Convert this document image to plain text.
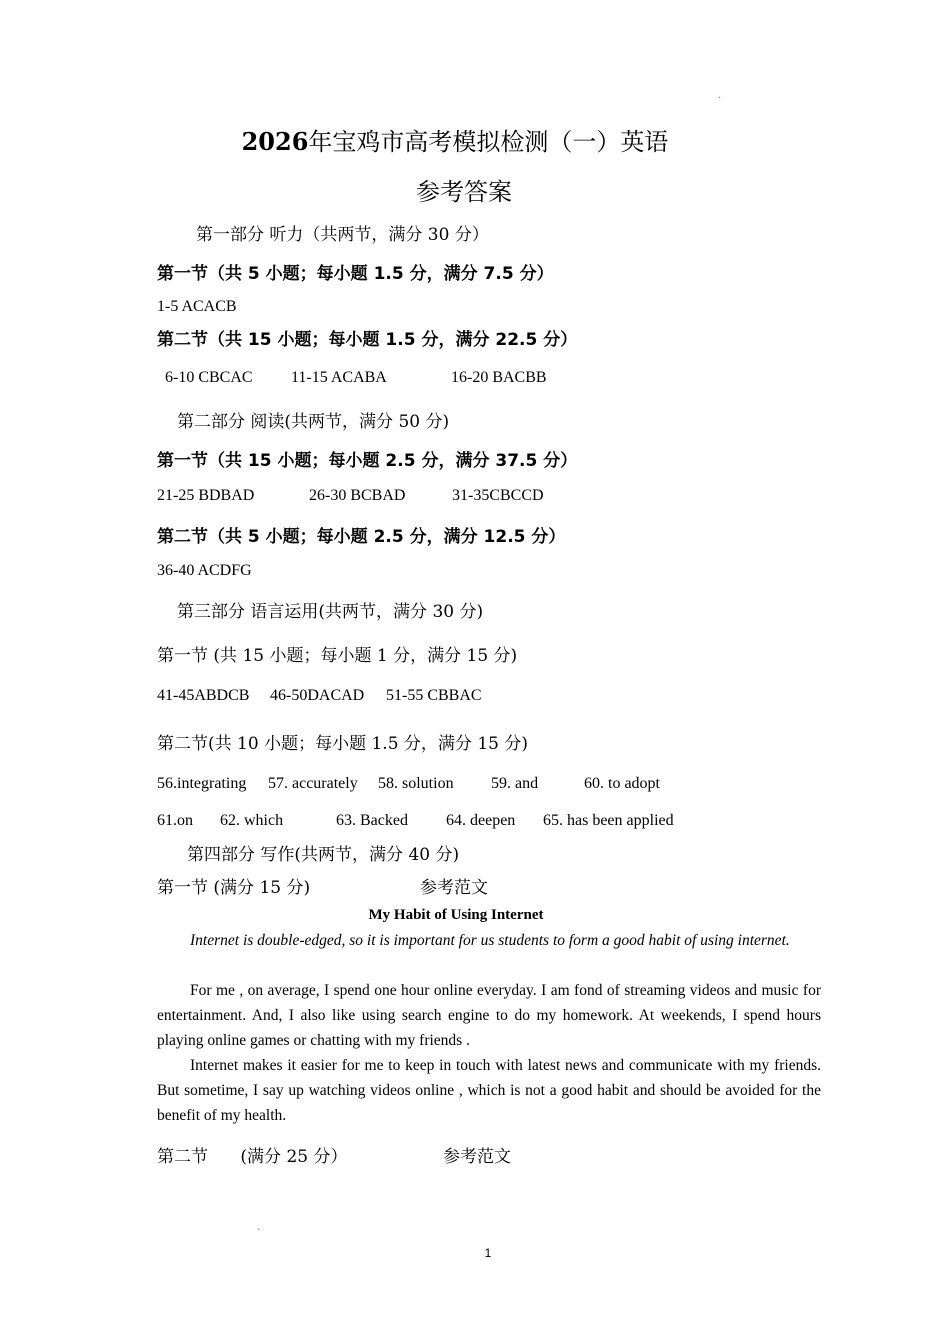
.
2026年宝鸡市高考模拟检测（一）英语
参考答案
第一部分 听力（共两节，满分 30 分）
第一节（共 5 小题；每小题 1.5 分，满分 7.5 分）
1-5 ACACB
第二节（共 15 小题；每小题 1.5 分，满分 22.5 分）
6-10 CBCAC 11-15 ACABA	16-20 BACBB
第二部分 阅读(共两节，满分 50 分)
第一节（共 15 小题；每小题 2.5 分，满分 37.5 分）
21-25 BDBAD	26-30 BCBAD	31-35CBCCD
第二节（共 5 小题；每小题 2.5 分，满分 12.5 分）
36-40 ACDFG
第三部分 语言运用(共两节，满分 30 分)
第一节 (共 15 小题；每小题 1 分，满分 15 分)
41-45ABDCB 46-50DACAD 51-55 CBBAC
第二节(共 10 小题；每小题 1.5 分，满分 15 分)
56.integrating 57. accurately 58. solution 59. and	60. to adopt
61.on 62. which	63. Backed 64. deepen 65. has been applied
第四部分 写作(共两节，满分 40 分)
第一节 (满分 15 分)	参考范文
My Habit of Using Internet
Internet is double-edged, so it is important for us students to form a good habit of using internet.
For me , on average, I spend one hour online everyday. I am fond of streaming videos and music for entertainment. And, I also like using search engine to do my homework. At weekends, I spend hours playing online games or chatting with my friends .
Internet makes it easier for me to keep in touch with latest news and communicate with my friends. But sometime, I say up watching videos online , which is not a good habit and should be avoided for the benefit of my health.
第二节      (满分 25 分）	参考范文
.
1
